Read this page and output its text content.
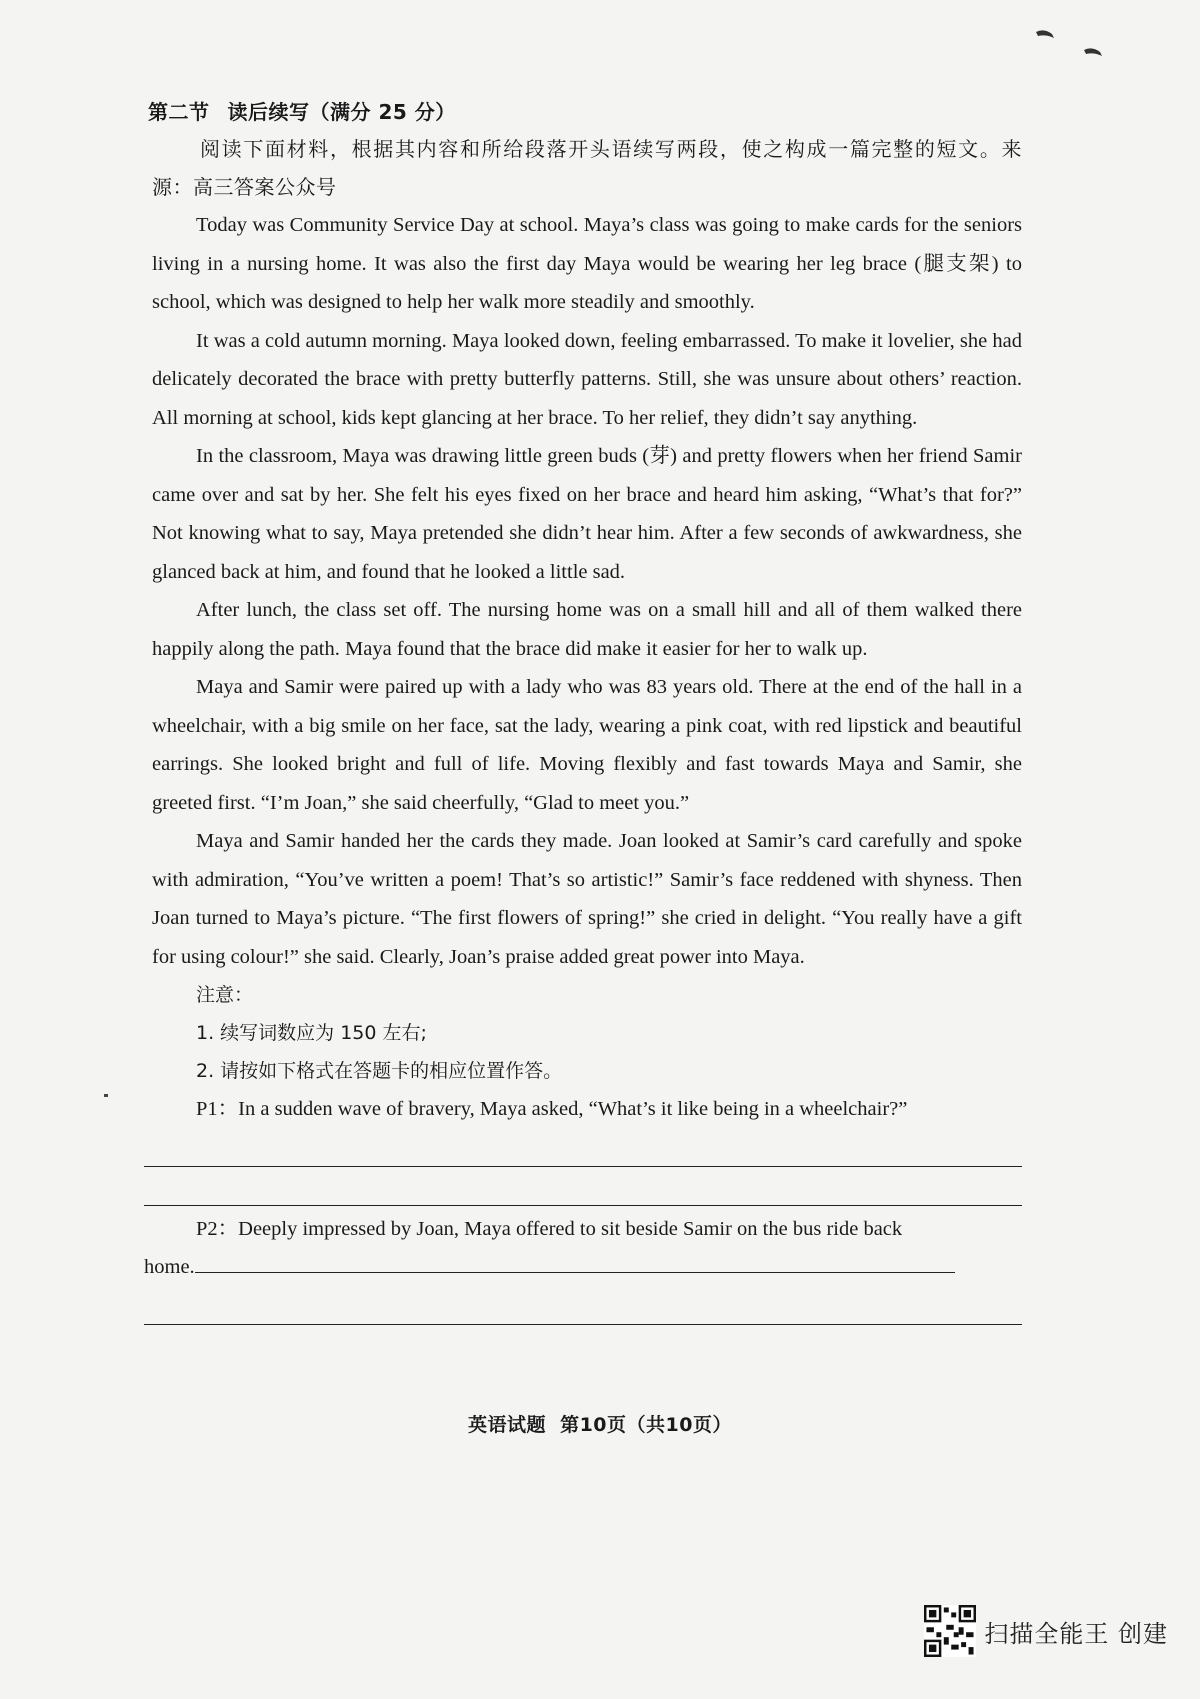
第二节 读后续写（满分 25 分）

阅读下面材料，根据其内容和所给段落开头语续写两段，使之构成一篇完整的短文。来源：高三答案公众号

Today was Community Service Day at school. Maya’s class was going to make cards for the seniors living in a nursing home. It was also the first day Maya would be wearing her leg brace (腿支架) to school, which was designed to help her walk more steadily and smoothly.

It was a cold autumn morning. Maya looked down, feeling embarrassed. To make it lovelier, she had delicately decorated the brace with pretty butterfly patterns. Still, she was unsure about others’ reaction. All morning at school, kids kept glancing at her brace. To her relief, they didn’t say anything.

In the classroom, Maya was drawing little green buds (芽) and pretty flowers when her friend Samir came over and sat by her. She felt his eyes fixed on her brace and heard him asking, “What’s that for?” Not knowing what to say, Maya pretended she didn’t hear him. After a few seconds of awkwardness, she glanced back at him, and found that he looked a little sad.

After lunch, the class set off. The nursing home was on a small hill and all of them walked there happily along the path. Maya found that the brace did make it easier for her to walk up.

Maya and Samir were paired up with a lady who was 83 years old. There at the end of the hall in a wheelchair, with a big smile on her face, sat the lady, wearing a pink coat, with red lipstick and beautiful earrings. She looked bright and full of life. Moving flexibly and fast towards Maya and Samir, she greeted first. “I’m Joan,” she said cheerfully, “Glad to meet you.”

Maya and Samir handed her the cards they made. Joan looked at Samir’s card carefully and spoke with admiration, “You’ve written a poem! That’s so artistic!” Samir’s face reddened with shyness. Then Joan turned to Maya’s picture. “The first flowers of spring!” she cried in delight. “You really have a gift for using colour!” she said. Clearly, Joan’s praise added great power into Maya.

注意：

1. 续写词数应为 150 左右;

2. 请按如下格式在答题卡的相应位置作答。

P1：In a sudden wave of bravery, Maya asked, “What’s it like being in a wheelchair?”

P2：Deeply impressed by Joan, Maya offered to sit beside Samir on the bus ride back

home.

英语试题 第10页（共10页）
扫描全能王 创建
